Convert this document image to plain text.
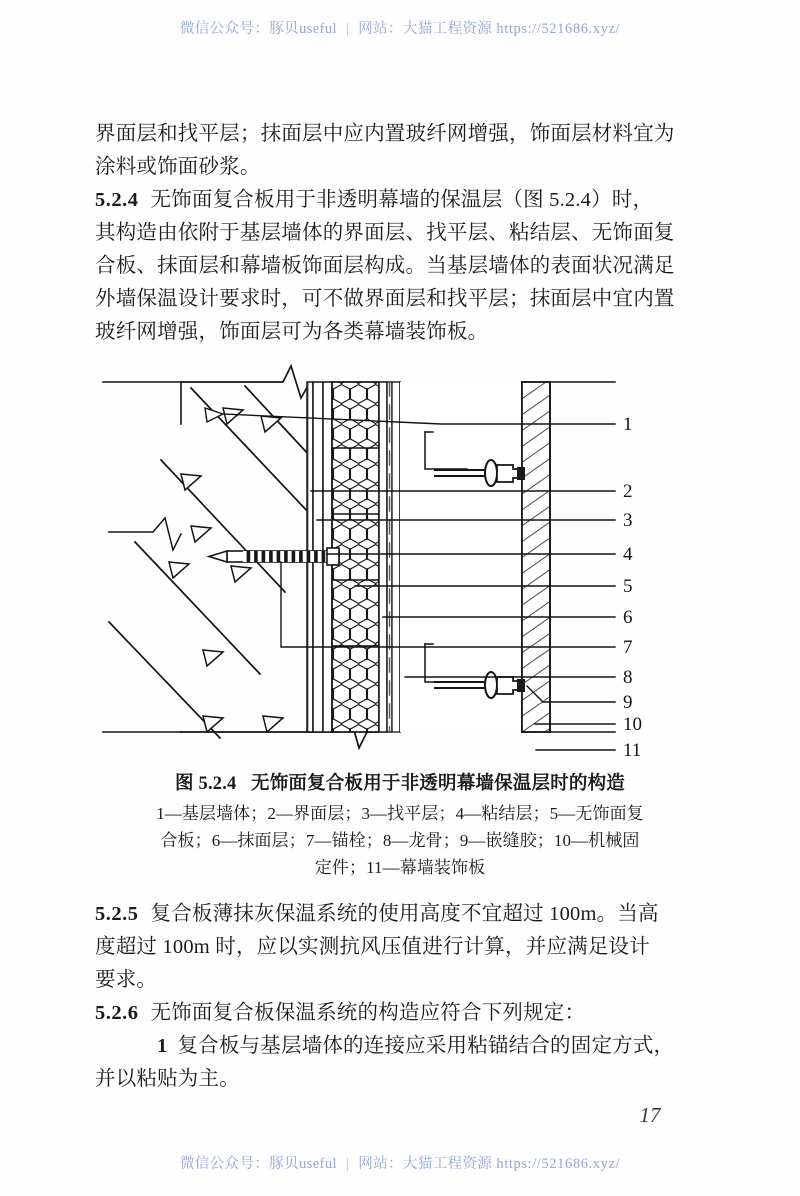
微信公众号：豚贝useful | 网站：大猫工程资源 https://521686.xyz/

界面层和找平层；抹面层中应内置玻纤网增强，饰面层材料宜为

涂料或饰面砂浆。

5.2.4 无饰面复合板用于非透明幕墙的保温层（图 5.2.4）时，

其构造由依附于基层墙体的界面层、找平层、粘结层、无饰面复

合板、抹面层和幕墙板饰面层构成。当基层墙体的表面状况满足

外墙保温设计要求时，可不做界面层和找平层；抹面层中宜内置

玻纤网增强，饰面层可为各类幕墙装饰板。

1
2
3
4
5
6
7
8
9
10
11
图 5.2.4 无饰面复合板用于非透明幕墙保温层时的构造
1—基层墙体；2—界面层；3—找平层；4—粘结层；5—无饰面复
合板；6—抹面层；7—锚栓；8—龙骨；9—嵌缝胶；10—机械固
定件；11—幕墙装饰板

5.2.5 复合板薄抹灰保温系统的使用高度不宜超过 100m。当高

度超过 100m 时，应以实测抗风压值进行计算，并应满足设计

要求。

5.2.6 无饰面复合板保温系统的构造应符合下列规定：

1 复合板与基层墙体的连接应采用粘锚结合的固定方式，

并以粘贴为主。

17
微信公众号：豚贝useful | 网站：大猫工程资源 https://521686.xyz/
